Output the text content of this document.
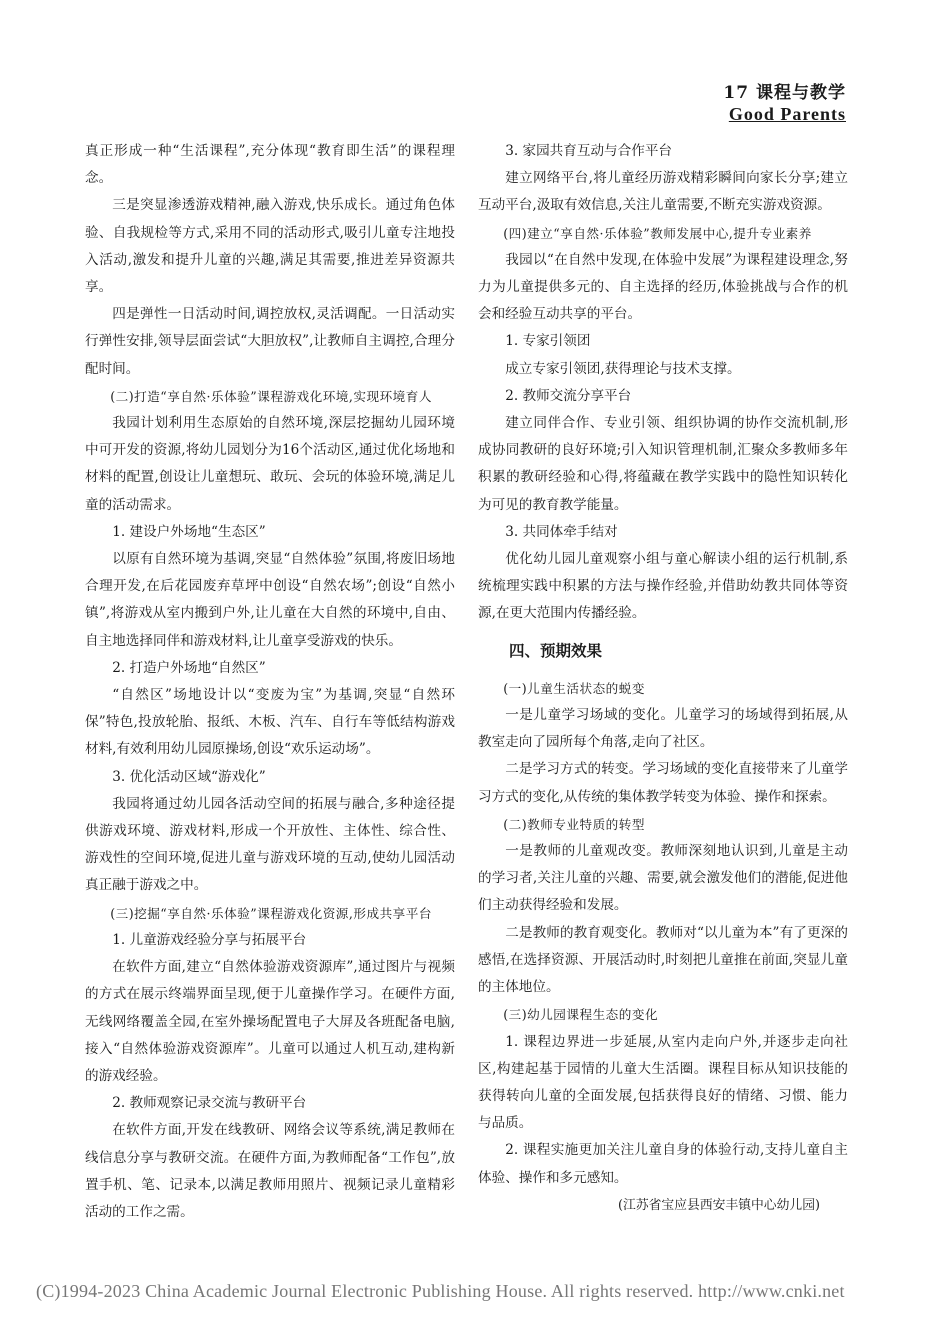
17 课程与教学
Good Parents

真正形成一种“生活课程”,充分体现“教育即生活”的课程理念。

三是突显渗透游戏精神,融入游戏,快乐成长。通过角色体验、自我规检等方式,采用不同的活动形式,吸引儿童专注地投入活动,激发和提升儿童的兴趣,满足其需要,推进差异资源共享。

四是弹性一日活动时间,调控放权,灵活调配。一日活动实行弹性安排,领导层面尝试“大胆放权”,让教师自主调控,合理分配时间。

(二)打造“享自然·乐体验”课程游戏化环境,实现环境育人

我园计划利用生态原始的自然环境,深层挖掘幼儿园环境中可开发的资源,将幼儿园划分为16个活动区,通过优化场地和材料的配置,创设让儿童想玩、敢玩、会玩的体验环境,满足儿童的活动需求。

1. 建设户外场地“生态区”

以原有自然环境为基调,突显“自然体验”氛围,将废旧场地合理开发,在后花园废弃草坪中创设“自然农场”;创设“自然小镇”,将游戏从室内搬到户外,让儿童在大自然的环境中,自由、自主地选择同伴和游戏材料,让儿童享受游戏的快乐。

2. 打造户外场地“自然区”

“自然区”场地设计以“变废为宝”为基调,突显“自然环保”特色,投放轮胎、报纸、木板、汽车、自行车等低结构游戏材料,有效利用幼儿园原操场,创设“欢乐运动场”。

3. 优化活动区域“游戏化”

我园将通过幼儿园各活动空间的拓展与融合,多种途径提供游戏环境、游戏材料,形成一个开放性、主体性、综合性、游戏性的空间环境,促进儿童与游戏环境的互动,使幼儿园活动真正融于游戏之中。

(三)挖掘“享自然·乐体验”课程游戏化资源,形成共享平台

1. 儿童游戏经验分享与拓展平台

在软件方面,建立“自然体验游戏资源库”,通过图片与视频的方式在展示终端界面呈现,便于儿童操作学习。在硬件方面,无线网络覆盖全园,在室外操场配置电子大屏及各班配备电脑,接入“自然体验游戏资源库”。儿童可以通过人机互动,建构新的游戏经验。

2. 教师观察记录交流与教研平台

在软件方面,开发在线教研、网络会议等系统,满足教师在线信息分享与教研交流。在硬件方面,为教师配备“工作包”,放置手机、笔、记录本,以满足教师用照片、视频记录儿童精彩活动的工作之需。

3. 家园共育互动与合作平台

建立网络平台,将儿童经历游戏精彩瞬间向家长分享;建立互动平台,汲取有效信息,关注儿童需要,不断充实游戏资源。

(四)建立“享自然·乐体验”教师发展中心,提升专业素养

我园以“在自然中发现,在体验中发展”为课程建设理念,努力为儿童提供多元的、自主选择的经历,体验挑战与合作的机会和经验互动共享的平台。

1. 专家引领团

成立专家引领团,获得理论与技术支撑。

2. 教师交流分享平台

建立同伴合作、专业引领、组织协调的协作交流机制,形成协同教研的良好环境;引入知识管理机制,汇聚众多教师多年积累的教研经验和心得,将蕴藏在教学实践中的隐性知识转化为可见的教育教学能量。

3. 共同体牵手结对

优化幼儿园儿童观察小组与童心解读小组的运行机制,系统梳理实践中积累的方法与操作经验,并借助幼教共同体等资源,在更大范围内传播经验。

四、预期效果

(一)儿童生活状态的蜕变

一是儿童学习场域的变化。儿童学习的场域得到拓展,从教室走向了园所每个角落,走向了社区。

二是学习方式的转变。学习场域的变化直接带来了儿童学习方式的变化,从传统的集体教学转变为体验、操作和探索。

(二)教师专业特质的转型

一是教师的儿童观改变。教师深刻地认识到,儿童是主动的学习者,关注儿童的兴趣、需要,就会激发他们的潜能,促进他们主动获得经验和发展。

二是教师的教育观变化。教师对“以儿童为本”有了更深的感悟,在选择资源、开展活动时,时刻把儿童推在前面,突显儿童的主体地位。

(三)幼儿园课程生态的变化

1. 课程边界进一步延展,从室内走向户外,并逐步走向社区,构建起基于园情的儿童大生活圈。课程目标从知识技能的获得转向儿童的全面发展,包括获得良好的情绪、习惯、能力与品质。

2. 课程实施更加关注儿童自身的体验行动,支持儿童自主体验、操作和多元感知。

(江苏省宝应县西安丰镇中心幼儿园)

(C)1994-2023 China Academic Journal Electronic Publishing House. All rights reserved. http://www.cnki.net
